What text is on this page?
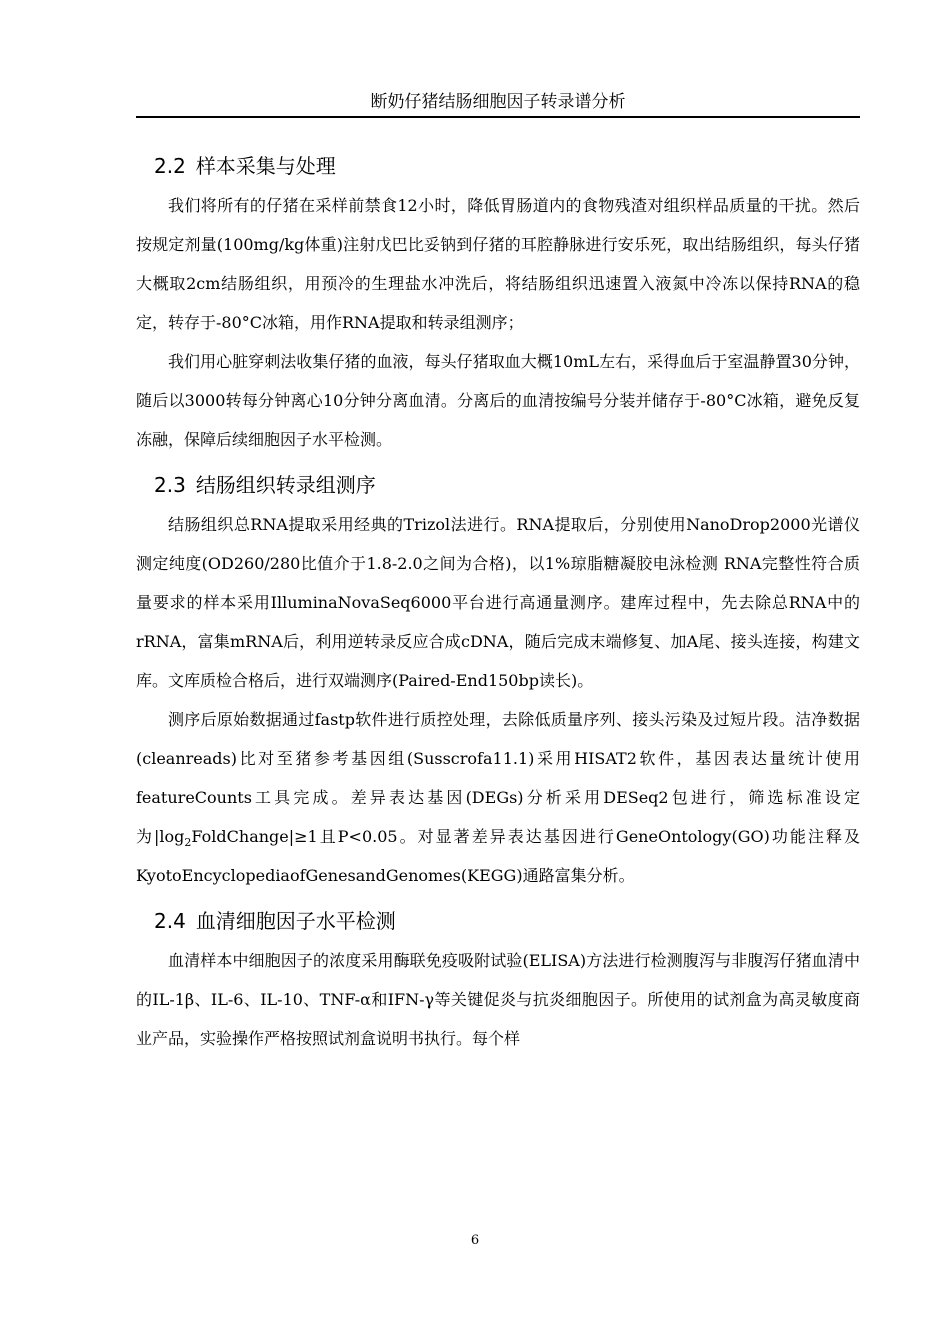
断奶仔猪结肠细胞因子转录谱分析
2.2 样本采集与处理

我们将所有的仔猪在采样前禁食12小时，降低胃肠道内的食物残渣对组织样品质量的干扰。然后按规定剂量(100mg/kg体重)注射戊巴比妥钠到仔猪的耳腔静脉进行安乐死，取出结肠组织，每头仔猪大概取2cm结肠组织，用预冷的生理盐水冲洗后，将结肠组织迅速置入液氮中冷冻以保持RNA的稳定，转存于-80°C冰箱，用作RNA提取和转录组测序；

我们用心脏穿刺法收集仔猪的血液，每头仔猪取血大概10mL左右，采得血后于室温静置30分钟，随后以3000转每分钟离心10分钟分离血清。分离后的血清按编号分装并储存于-80°C冰箱，避免反复冻融，保障后续细胞因子水平检测。

2.3 结肠组织转录组测序

结肠组织总RNA提取采用经典的Trizol法进行。RNA提取后，分别使用NanoDrop2000光谱仪测定纯度(OD260/280比值介于1.8-2.0之间为合格)，以1%琼脂糖凝胶电泳检测 RNA完整性符合质量要求的样本采用IlluminaNovaSeq6000平台进行高通量测序。建库过程中，先去除总RNA中的rRNA，富集mRNA后，利用逆转录反应合成cDNA，随后完成末端修复、加A尾、接头连接，构建文库。文库质检合格后，进行双端测序(Paired-End150bp读长)。

测序后原始数据通过fastp软件进行质控处理，去除低质量序列、接头污染及过短片段。洁净数据(cleanreads)比对至猪参考基因组(Susscrofa11.1)采用HISAT2软件，基因表达量统计使用featureCounts工具完成。差异表达基因(DEGs)分析采用DESeq2包进行，筛选标准设定为$|\log_2FoldChange|\ge 1$且P<0.05。对显著差异表达基因进行GeneOntology(GO)功能注释及KyotoEncyclopediaofGenesandGenomes(KEGG)通路富集分析。

2.4 血清细胞因子水平检测

血清样本中细胞因子的浓度采用酶联免疫吸附试验(ELISA)方法进行检测腹泻与非腹泻仔猪血清中的IL-1β、IL-6、IL-10、TNF-α和IFN-γ等关键促炎与抗炎细胞因子。所使用的试剂盒为高灵敏度商业产品，实验操作严格按照试剂盒说明书执行。每个样

6
